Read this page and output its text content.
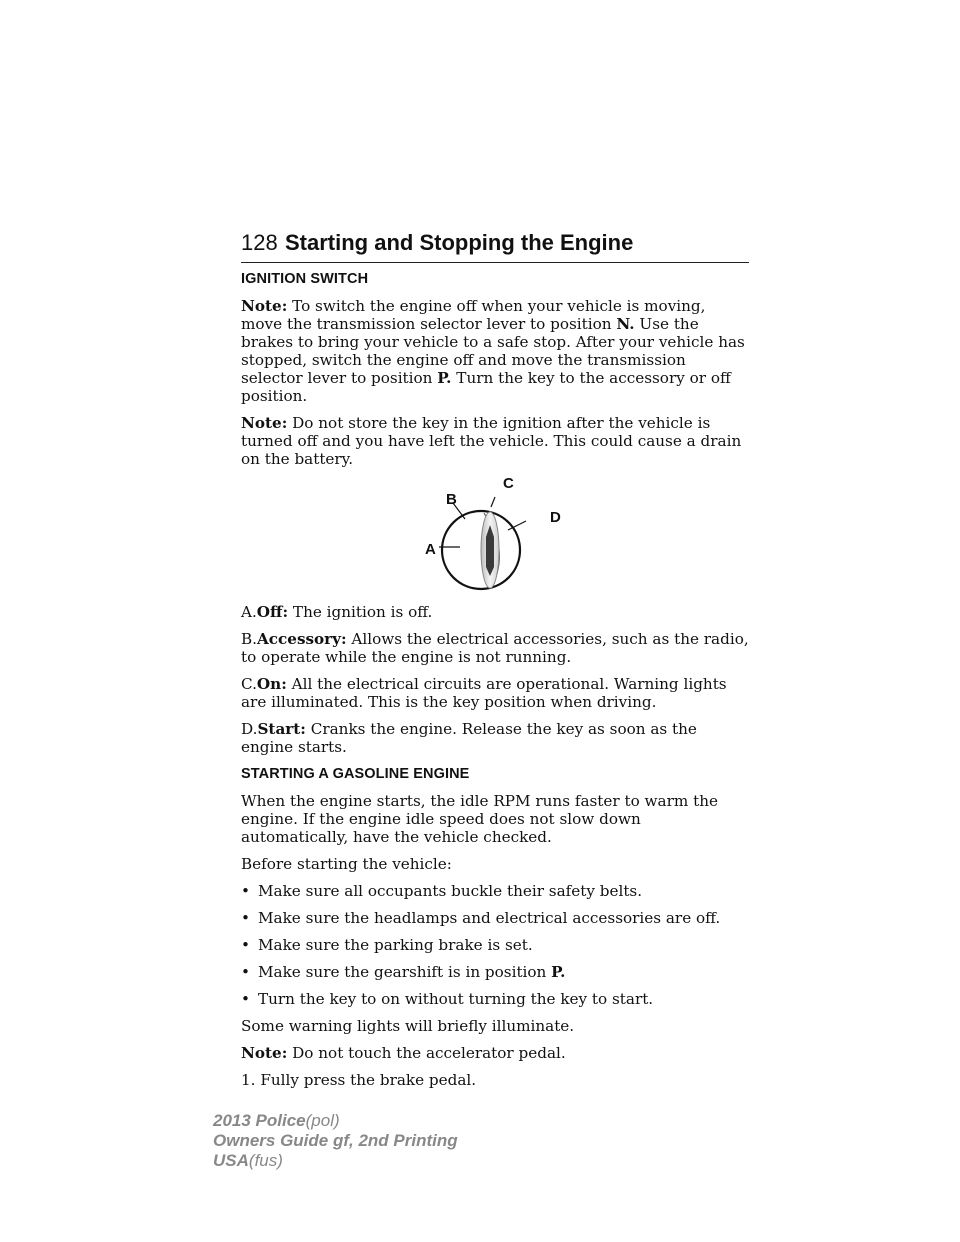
128 Starting and Stopping the Engine
IGNITION SWITCH

Note: To switch the engine off when your vehicle is moving, move the transmission selector lever to position N. Use the brakes to bring your vehicle to a safe stop. After your vehicle has stopped, switch the engine off and move the transmission selector lever to position P. Turn the key to the accessory or off position.

Note: Do not store the key in the ignition after the vehicle is turned off and you have left the vehicle. This could cause a drain on the battery.

A
B
C
D

A.Off: The ignition is off.

B.Accessory: Allows the electrical accessories, such as the radio, to operate while the engine is not running.

C.On: All the electrical circuits are operational. Warning lights are illuminated. This is the key position when driving.

D.Start: Cranks the engine. Release the key as soon as the engine starts.

STARTING A GASOLINE ENGINE

When the engine starts, the idle RPM runs faster to warm the engine. If the engine idle speed does not slow down automatically, have the vehicle checked.

Before starting the vehicle:

• Make sure all occupants buckle their safety belts.

• Make sure the headlamps and electrical accessories are off.

• Make sure the parking brake is set.

• Make sure the gearshift is in position P.

• Turn the key to on without turning the key to start.

Some warning lights will briefly illuminate.

Note: Do not touch the accelerator pedal.

1. Fully press the brake pedal.

2013 Police(pol)
Owners Guide gf, 2nd Printing
USA(fus)
